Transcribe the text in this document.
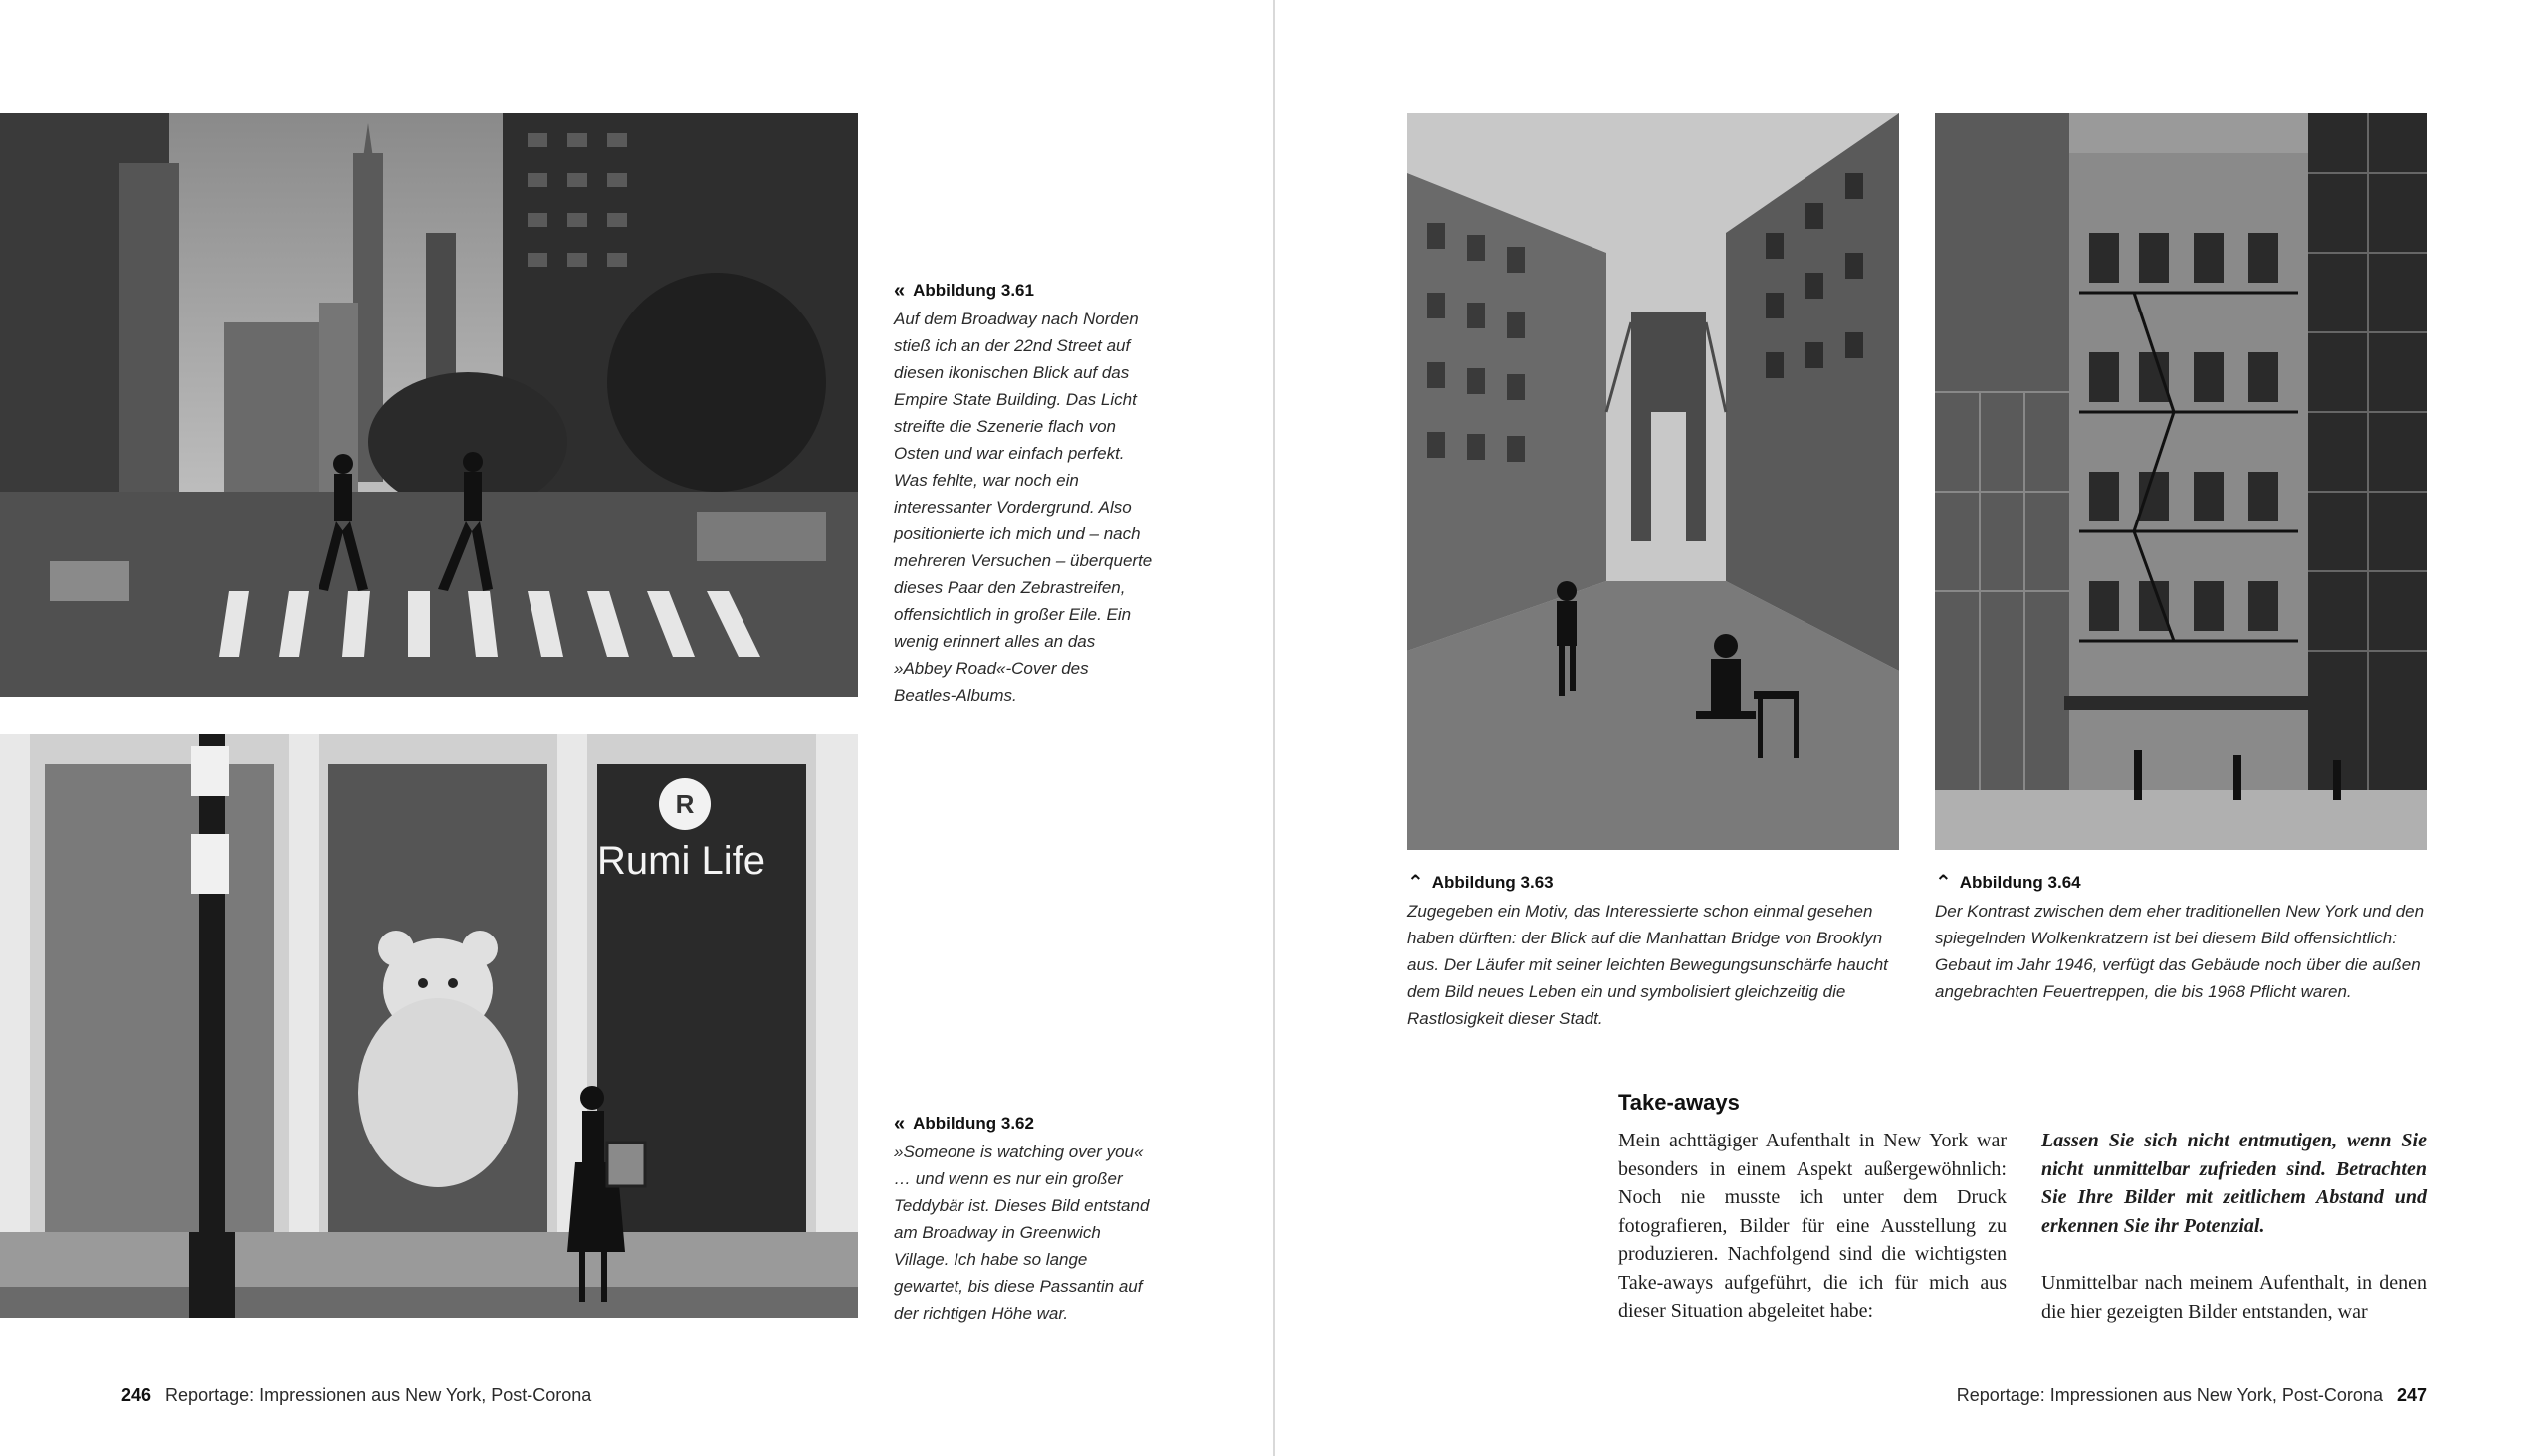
« Abbildung 3.61

Auf dem Broadway nach Norden stieß ich an der 22nd Street auf diesen ikonischen Blick auf das Empire State Building. Das Licht streifte die Szenerie flach von Osten und war einfach perfekt. Was fehlte, war noch ein interessanter Vordergrund. Also positionierte ich mich und – nach mehreren Versuchen – überquerte dieses Paar den Zebrastreifen, offensichtlich in großer Eile. Ein wenig erinnert alles an das »Abbey Road«-Cover des Beatles-Albums.

R
Rumi Life
« Abbildung 3.62

»Someone is watching over you« … und wenn es nur ein großer Teddybär ist. Dieses Bild entstand am Broadway in Greenwich Village. Ich habe so lange gewartet, bis diese Passantin auf der richtigen Höhe war.

246 Reportage: Impressionen aus New York, Post-Corona
⌃ Abbildung 3.63

Zugegeben ein Motiv, das Interessierte schon einmal gesehen haben dürften: der Blick auf die Manhattan Bridge von Brooklyn aus. Der Läufer mit seiner leichten Bewegungsunschärfe haucht dem Bild neues Leben ein und symbolisiert gleichzeitig die Rastlosigkeit dieser Stadt.

⌃ Abbildung 3.64

Der Kontrast zwischen dem eher traditionellen New York und den spiegelnden Wolkenkratzern ist bei diesem Bild offensichtlich: Gebaut im Jahr 1946, verfügt das Gebäude noch über die außen angebrachten Feuertreppen, die bis 1968 Pflicht waren.

Take-aways

Mein achttägiger Aufenthalt in New York war besonders in einem Aspekt außergewöhnlich: Noch nie musste ich unter dem Druck fotografieren, Bilder für eine Ausstellung zu produzieren. Nachfolgend sind die wichtigsten Take-aways aufgeführt, die ich für mich aus dieser Situation abgeleitet habe:

Lassen Sie sich nicht entmutigen, wenn Sie nicht unmittelbar zufrieden sind. Betrachten Sie Ihre Bilder mit zeitlichem Abstand und erkennen Sie ihr Potenzial.

Unmittelbar nach meinem Aufenthalt, in denen die hier gezeigten Bilder entstanden, war

Reportage: Impressionen aus New York, Post-Corona 247
